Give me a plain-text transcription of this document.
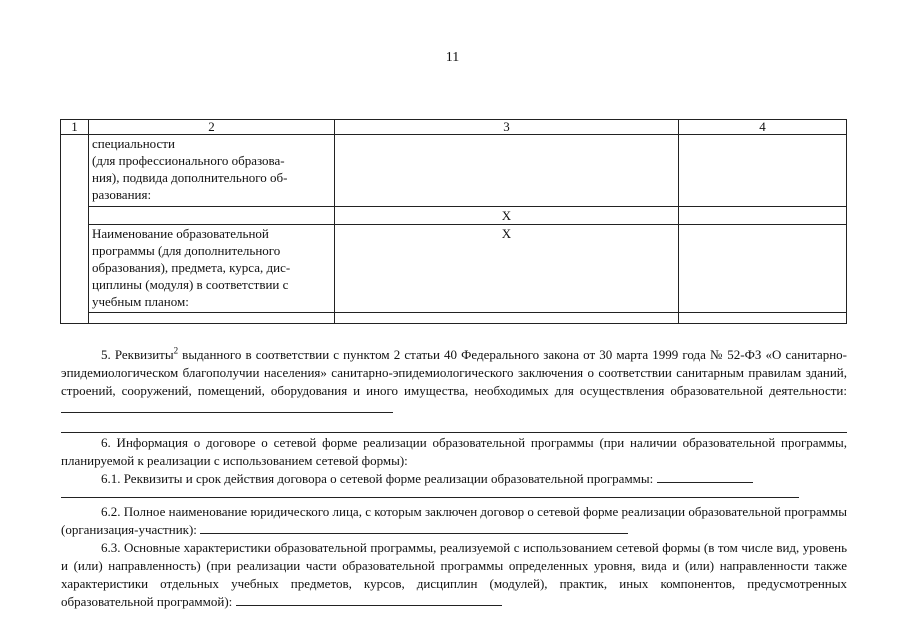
11
1	2	3	4
	специальности
(для профессионального образова-
ния), подвида дополнительного об-
разования:		
		X	
	Наименование образовательной
программы (для дополнительного
образования), предмета, курса, дис-
циплины (модуля) в соответствии с
учебным планом:	X	

5. Реквизиты$^2$ выданного в соответствии с пунктом 2 статьи 40 Федерального закона от 30 марта 1999 года № 52-ФЗ «О санитарно-эпидемиологическом благополучии населения» санитарно-эпидемиологического заключения о соответствии санитарным правилам зданий, строений, сооружений, помещений, оборудования и иного имущества, необходимых для осуществления образовательной деятельности:

6. Информация о договоре о сетевой форме реализации образовательной программы (при наличии образовательной программы, планируемой к реализации с использованием сетевой формы):

6.1. Реквизиты и срок действия договора о сетевой форме реализации образовательной программы:

6.2. Полное наименование юридического лица, с которым заключен договор о сетевой форме реализации образовательной программы (организация-участник):

6.3. Основные характеристики образовательной программы, реализуемой с использованием сетевой формы (в том числе вид, уровень и (или) направленность) (при реализации части образовательной программы определенных уровня, вида и (или) направленности также характеристики отдельных учебных предметов, курсов, дисциплин (модулей), практик, иных компонентов, предусмотренных образовательной программой):
